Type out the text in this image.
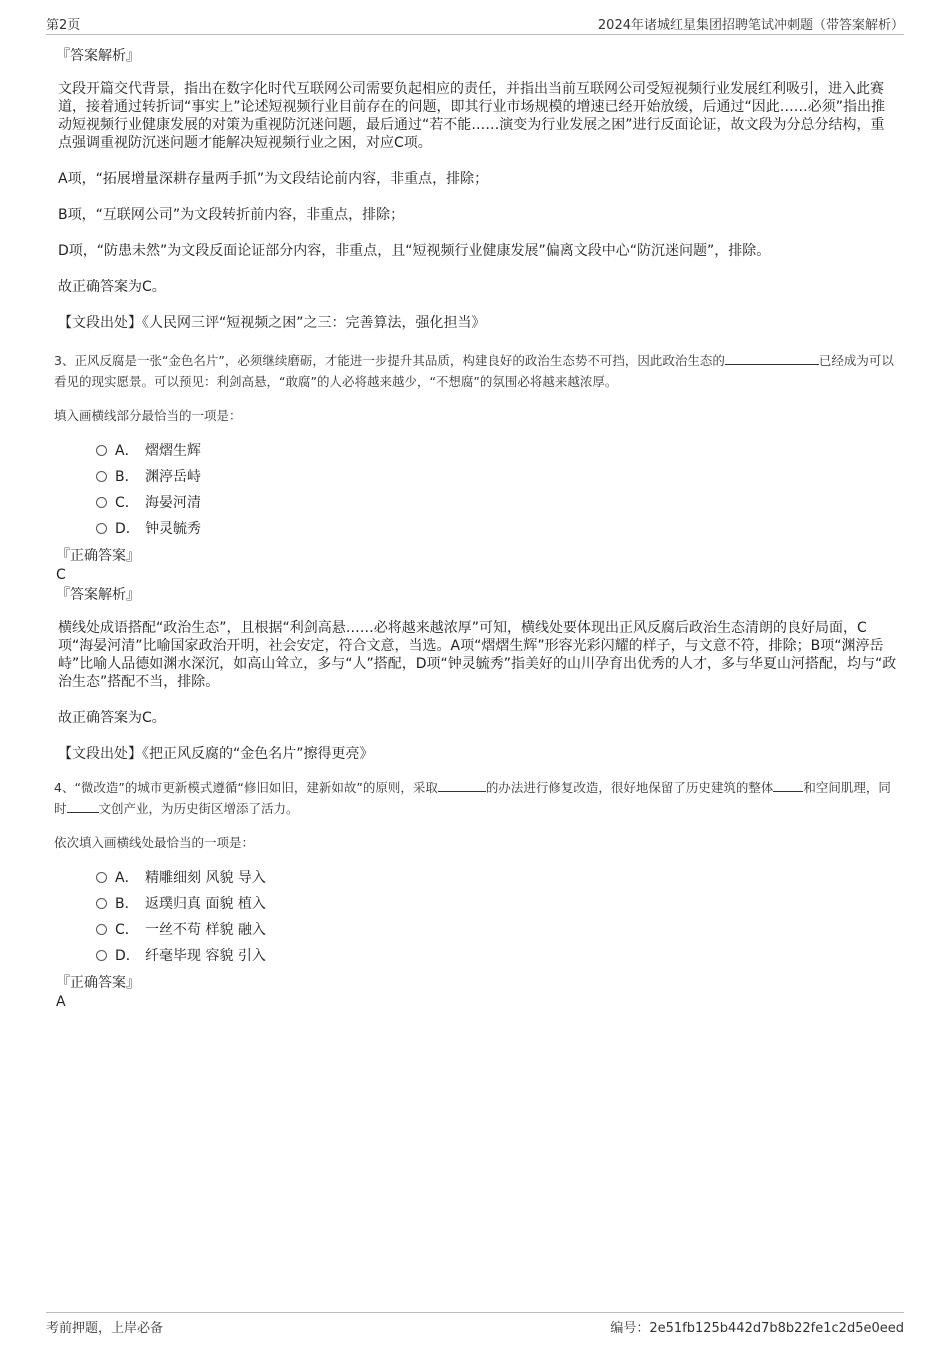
第2页	2024年诸城红星集团招聘笔试冲刺题（带答案解析）
『答案解析』

文段开篇交代背景，指出在数字化时代互联网公司需要负起相应的责任，并指出当前互联网公司受短视频行业发展红利吸引，进入此赛道，接着通过转折词“事实上”论述短视频行业目前存在的问题，即其行业市场规模的增速已经开始放缓，后通过“因此……必须”指出推动短视频行业健康发展的对策为重视防沉迷问题，最后通过“若不能……演变为行业发展之困”进行反面论证，故文段为分总分结构，重点强调重视防沉迷问题才能解决短视频行业之困，对应C项。

A项，“拓展增量深耕存量两手抓”为文段结论前内容，非重点，排除；

B项，“互联网公司”为文段转折前内容，非重点，排除；

D项，“防患未然”为文段反面论证部分内容，非重点，且“短视频行业健康发展”偏离文段中心“防沉迷问题”，排除。

故正确答案为C。

【文段出处】《人民网三评“短视频之困”之三：完善算法，强化担当》
3、正风反腐是一张“金色名片”，必须继续磨砺，才能进一步提升其品质，构建良好的政治生态势不可挡，因此政治生态的	已经成为可以看见的现实愿景。可以预见：利剑高悬，“敢腐”的人必将越来越少，“不想腐”的氛围必将越来越浓厚。
填入画横线部分最恰当的一项是：
A． 熠熠生辉
B． 渊渟岳峙
C． 海晏河清
D． 钟灵毓秀
『正确答案』
C
『答案解析』

横线处成语搭配“政治生态”，且根据“利剑高悬……必将越来越浓厚”可知，横线处要体现出正风反腐后政治生态清朗的良好局面，C项“海晏河清”比喻国家政治开明，社会安定，符合文意，当选。A项“熠熠生辉”形容光彩闪耀的样子，与文意不符，排除；B项“渊渟岳峙”比喻人品德如渊水深沉，如高山耸立，多与“人”搭配，D项“钟灵毓秀”指美好的山川孕育出优秀的人才，多与华夏山河搭配，均与“政治生态”搭配不当，排除。

故正确答案为C。

【文段出处】《把正风反腐的“金色名片”擦得更亮》
4、“微改造”的城市更新模式遵循“修旧如旧，建新如故”的原则，采取	的办法进行修复改造，很好地保留了历史建筑的整体 和空间肌理，同时	文创产业，为历史街区增添了活力。
依次填入画横线处最恰当的一项是：
A． 精雕细刻 风貌 导入
B． 返璞归真 面貌 植入
C． 一丝不苟 样貌 融入
D． 纤毫毕现 容貌 引入
『正确答案』
A
考前押题，上岸必备	编号：2e51fb125b442d7b8b22fe1c2d5e0eed
